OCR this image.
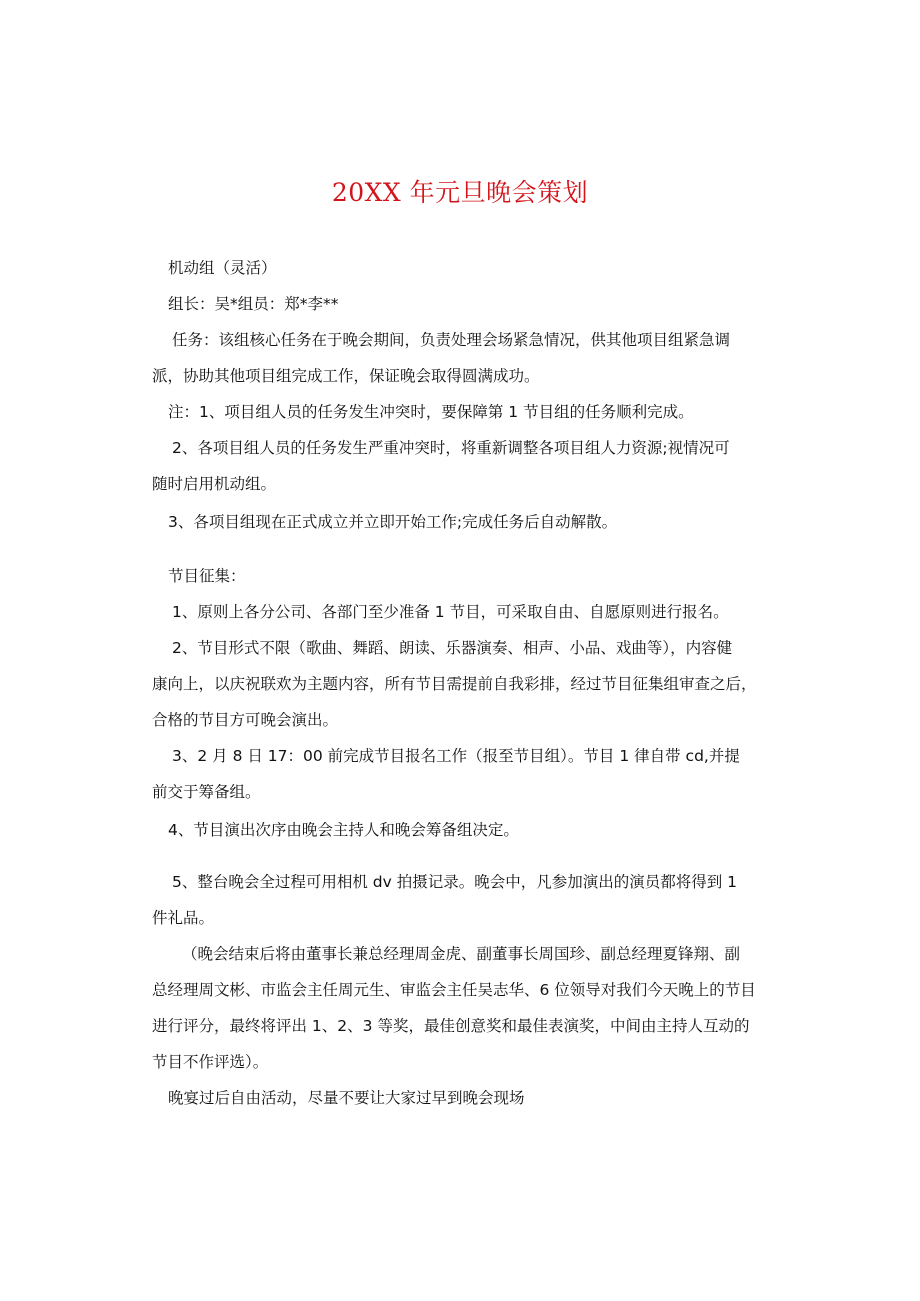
20XX 年元旦晚会策划
机动组（灵活）
组长：吴*组员：郑*李**
任务：该组核心任务在于晚会期间，负责处理会场紧急情况，供其他项目组紧急调
派，协助其他项目组完成工作，保证晚会取得圆满成功。
注：1、项目组人员的任务发生冲突时，要保障第 1 节目组的任务顺利完成。
2、各项目组人员的任务发生严重冲突时，将重新调整各项目组人力资源;视情况可
随时启用机动组。
3、各项目组现在正式成立并立即开始工作;完成任务后自动解散。
节目征集：
1、原则上各分公司、各部门至少准备 1 节目，可采取自由、自愿原则进行报名。
2、节目形式不限（歌曲、舞蹈、朗读、乐器演奏、相声、小品、戏曲等），内容健
康向上，以庆祝联欢为主题内容，所有节目需提前自我彩排，经过节目征集组审查之后，
合格的节目方可晚会演出。
3、2 月 8 日 17：00 前完成节目报名工作（报至节目组）。节目 1 律自带 cd,并提
前交于筹备组。
4、节目演出次序由晚会主持人和晚会筹备组决定。
5、整台晚会全过程可用相机 dv 拍摄记录。晚会中，凡参加演出的演员都将得到 1
件礼品。
（晚会结束后将由董事长兼总经理周金虎、副董事长周国珍、副总经理夏锋翔、副
总经理周文彬、市监会主任周元生、审监会主任吴志华、6 位领导对我们今天晚上的节目
进行评分，最终将评出 1、2、3 等奖，最佳创意奖和最佳表演奖，中间由主持人互动的
节目不作评选）。
晚宴过后自由活动，尽量不要让大家过早到晚会现场
